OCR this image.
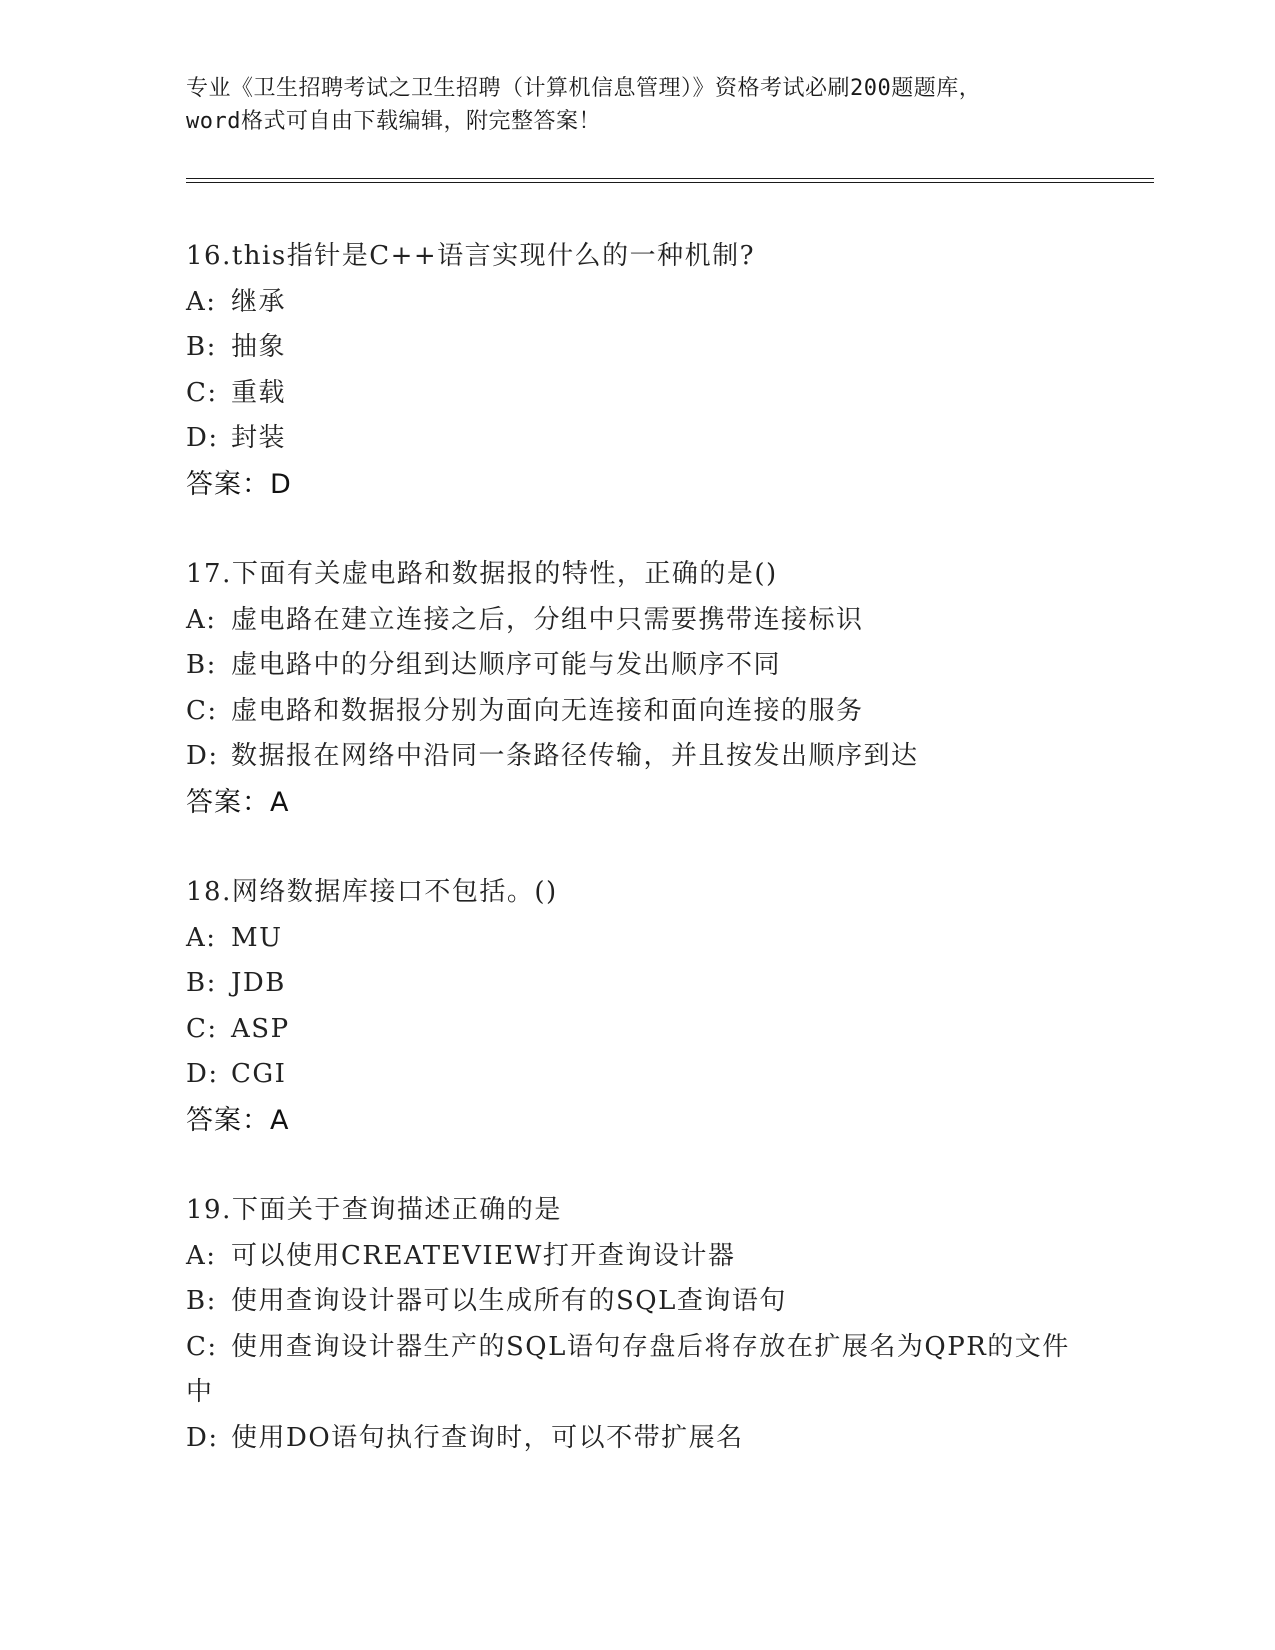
专业《卫生招聘考试之卫生招聘（计算机信息管理）》资格考试必刷200题题库，
word格式可自由下载编辑，附完整答案！
16.this指针是C++语言实现什么的一种机制?
A: 继承
B: 抽象
C: 重载
D: 封装
答案：D
17.下面有关虚电路和数据报的特性，正确的是()
A: 虚电路在建立连接之后，分组中只需要携带连接标识
B: 虚电路中的分组到达顺序可能与发出顺序不同
C: 虚电路和数据报分别为面向无连接和面向连接的服务
D: 数据报在网络中沿同一条路径传输，并且按发出顺序到达
答案：A
18.网络数据库接口不包括。()
A: MU
B: JDB
C: ASP
D: CGI
答案：A
19.下面关于查询描述正确的是
A: 可以使用CREATEVIEW打开查询设计器
B: 使用查询设计器可以生成所有的SQL查询语句
C: 使用查询设计器生产的SQL语句存盘后将存放在扩展名为QPR的文件中
D: 使用DO语句执行查询时，可以不带扩展名
